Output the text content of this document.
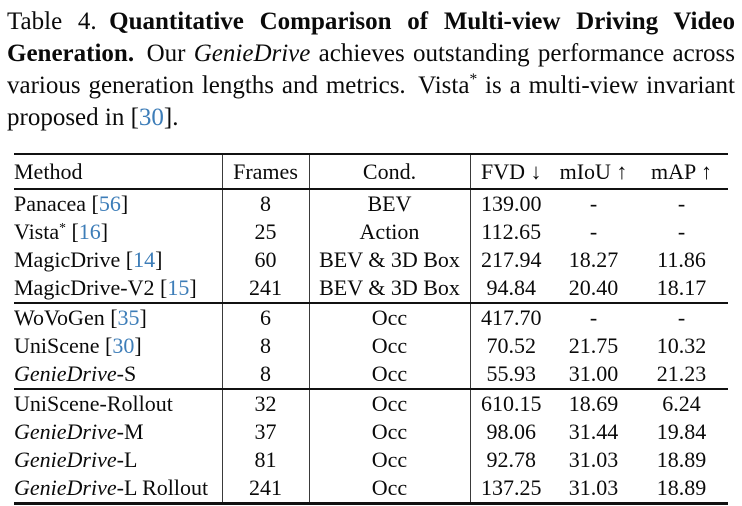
Table 4. Quantitative Comparison of Multi-view Driving Video Generation. Our GenieDrive achieves outstanding performance across various generation lengths and metrics. Vista* is a multi-view invariant proposed in [30].

Method	Frames	Cond.	FVD ↓	mIoU ↑	mAP ↑
Panacea [56]	8	BEV	139.00	-	-
Vista* [16]	25	Action	112.65	-	-
MagicDrive [14]	60	BEV & 3D Box	217.94	18.27	11.86
MagicDrive-V2 [15]	241	BEV & 3D Box	94.84	20.40	18.17
WoVoGen [35]	6	Occ	417.70	-	-
UniScene [30]	8	Occ	70.52	21.75	10.32
GenieDrive-S	8	Occ	55.93	31.00	21.23
UniScene-Rollout	32	Occ	610.15	18.69	6.24
GenieDrive-M	37	Occ	98.06	31.44	19.84
GenieDrive-L	81	Occ	92.78	31.03	18.89
GenieDrive-L Rollout	241	Occ	137.25	31.03	18.89
